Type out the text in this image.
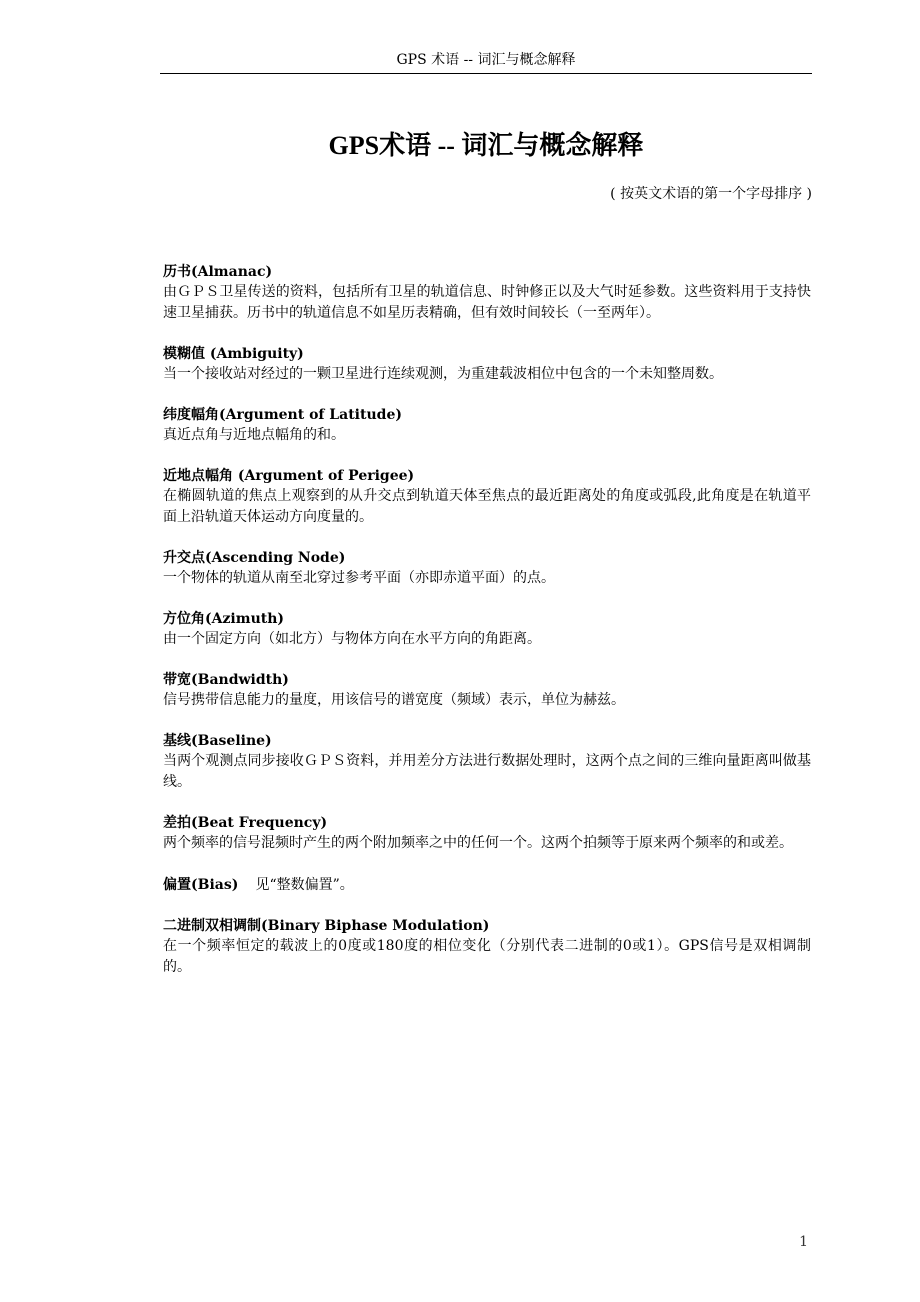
GPS 术语 -- 词汇与概念解释
GPS术语 -- 词汇与概念解释
( 按英文术语的第一个字母排序 )
历书(Almanac)
由ＧＰＳ卫星传送的资料，包括所有卫星的轨道信息、时钟修正以及大气时延参数。这些资料用于支持快速卫星捕获。历书中的轨道信息不如星历表精确，但有效时间较长（一至两年）。
模糊值 (Ambiguity)
当一个接收站对经过的一颗卫星进行连续观测，为重建载波相位中包含的一个未知整周数。
纬度幅角(Argument of Latitude)
真近点角与近地点幅角的和。
近地点幅角 (Argument of Perigee)
在椭圆轨道的焦点上观察到的从升交点到轨道天体至焦点的最近距离处的角度或弧段,此角度是在轨道平面上沿轨道天体运动方向度量的。
升交点(Ascending Node)
一个物体的轨道从南至北穿过参考平面（亦即赤道平面）的点。
方位角(Azimuth)
由一个固定方向（如北方）与物体方向在水平方向的角距离。
带宽(Bandwidth)
信号携带信息能力的量度，用该信号的谱宽度（频域）表示，单位为赫兹。
基线(Baseline)
当两个观测点同步接收ＧＰＳ资料，并用差分方法进行数据处理时，这两个点之间的三维向量距离叫做基线。
差拍(Beat Frequency)
两个频率的信号混频时产生的两个附加频率之中的任何一个。这两个拍频等于原来两个频率的和或差。
偏置(Bias) 见“整数偏置”。
二进制双相调制(Binary Biphase Modulation)
在一个频率恒定的载波上的0度或180度的相位变化（分别代表二进制的0或1）。GPS信号是双相调制的。
1
